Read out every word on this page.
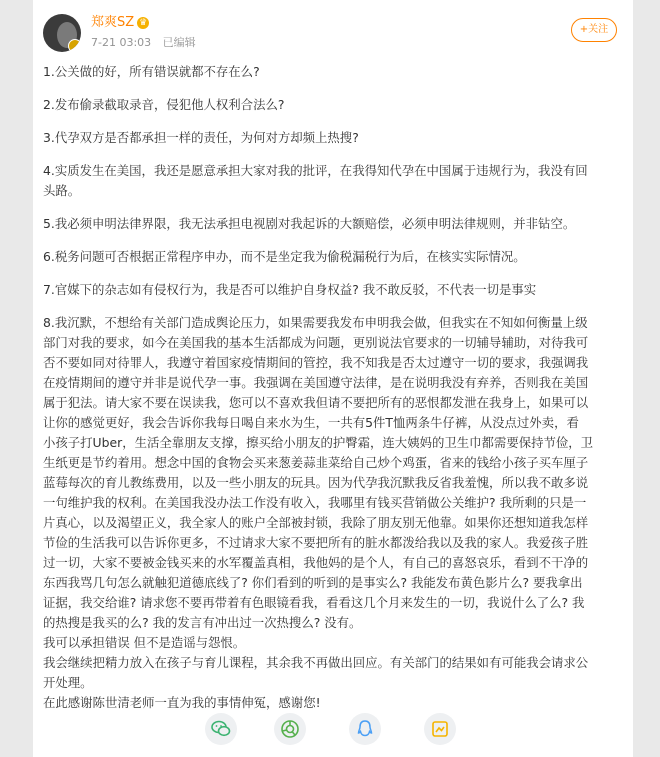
郑爽SZ ♛
7-21 03:03 已编辑
+关注

1.公关做的好，所有错误就都不存在么?

2.发布偷录截取录音，侵犯他人权利合法么?

3.代孕双方是否都承担一样的责任，为何对方却频上热搜?

4.实质发生在美国，我还是愿意承担大家对我的批评，在我得知代孕在中国属于违规行为，我没有回
头路。

5.我必须申明法律界限，我无法承担电视剧对我起诉的大额赔偿，必须申明法律规则，并非钻空。

6.税务问题可否根据正常程序申办，而不是坐定我为偷税漏税行为后，在核实实际情况。

7.官媒下的杂志如有侵权行为，我是否可以维护自身权益? 我不敢反驳，不代表一切是事实

8.我沉默，不想给有关部门造成舆论压力，如果需要我发布申明我会做，但我实在不知如何衡量上级
部门对我的要求，如今在美国我的基本生活都成为问题，更别说法官要求的一切辅导辅助，对待我可
否不要如同对待罪人，我遵守着国家疫情期间的管控，我不知我是否太过遵守一切的要求，我强调我
在疫情期间的遵守并非是说代孕一事。我强调在美国遵守法律，是在说明我没有弃养，否则我在美国
属于犯法。请大家不要在误读我，您可以不喜欢我但请不要把所有的恶恨都发泄在我身上，如果可以
让你的感觉更好，我会告诉你我每日喝自来水为生，一共有5件T恤两条牛仔裤，从没点过外卖，看
小孩子打Uber，生活全靠朋友支撑，擦买给小朋友的护臀霜，连大姨妈的卫生巾都需要保持节俭，卫
生纸更是节约着用。想念中国的食物会买来葱姜蒜韭菜给自己炒个鸡蛋，省来的钱给小孩子买车厘子
蓝莓每次的育儿教练费用，以及一些小朋友的玩具。因为代孕我沉默我反省我羞愧，所以我不敢多说
一句维护我的权利。在美国我没办法工作没有收入，我哪里有钱买营销做公关维护? 我所剩的只是一
片真心，以及渴望正义，我全家人的账户全部被封锁，我除了朋友别无他靠。如果你还想知道我怎样
节俭的生活我可以告诉你更多，不过请求大家不要把所有的脏水都泼给我以及我的家人。我爱孩子胜
过一切，大家不要被金钱买来的水军覆盖真相，我他妈的是个人，有自己的喜怒哀乐，看到不干净的
东西我骂几句怎么就触犯道德底线了? 你们看到的听到的是事实么? 我能发布黄色影片么? 要我拿出
证据，我交给谁? 请求您不要再带着有色眼镜看我，看看这几个月来发生的一切，我说什么了么? 我
的热搜是我买的么? 我的发言有冲出过一次热搜么? 没有。

我可以承担错误 但不是造谣与怨恨。

我会继续把精力放入在孩子与育儿课程，其余我不再做出回应。有关部门的结果如有可能我会请求公
开处理。

在此感谢陈世清老师一直为我的事情伸冤，感谢您!
